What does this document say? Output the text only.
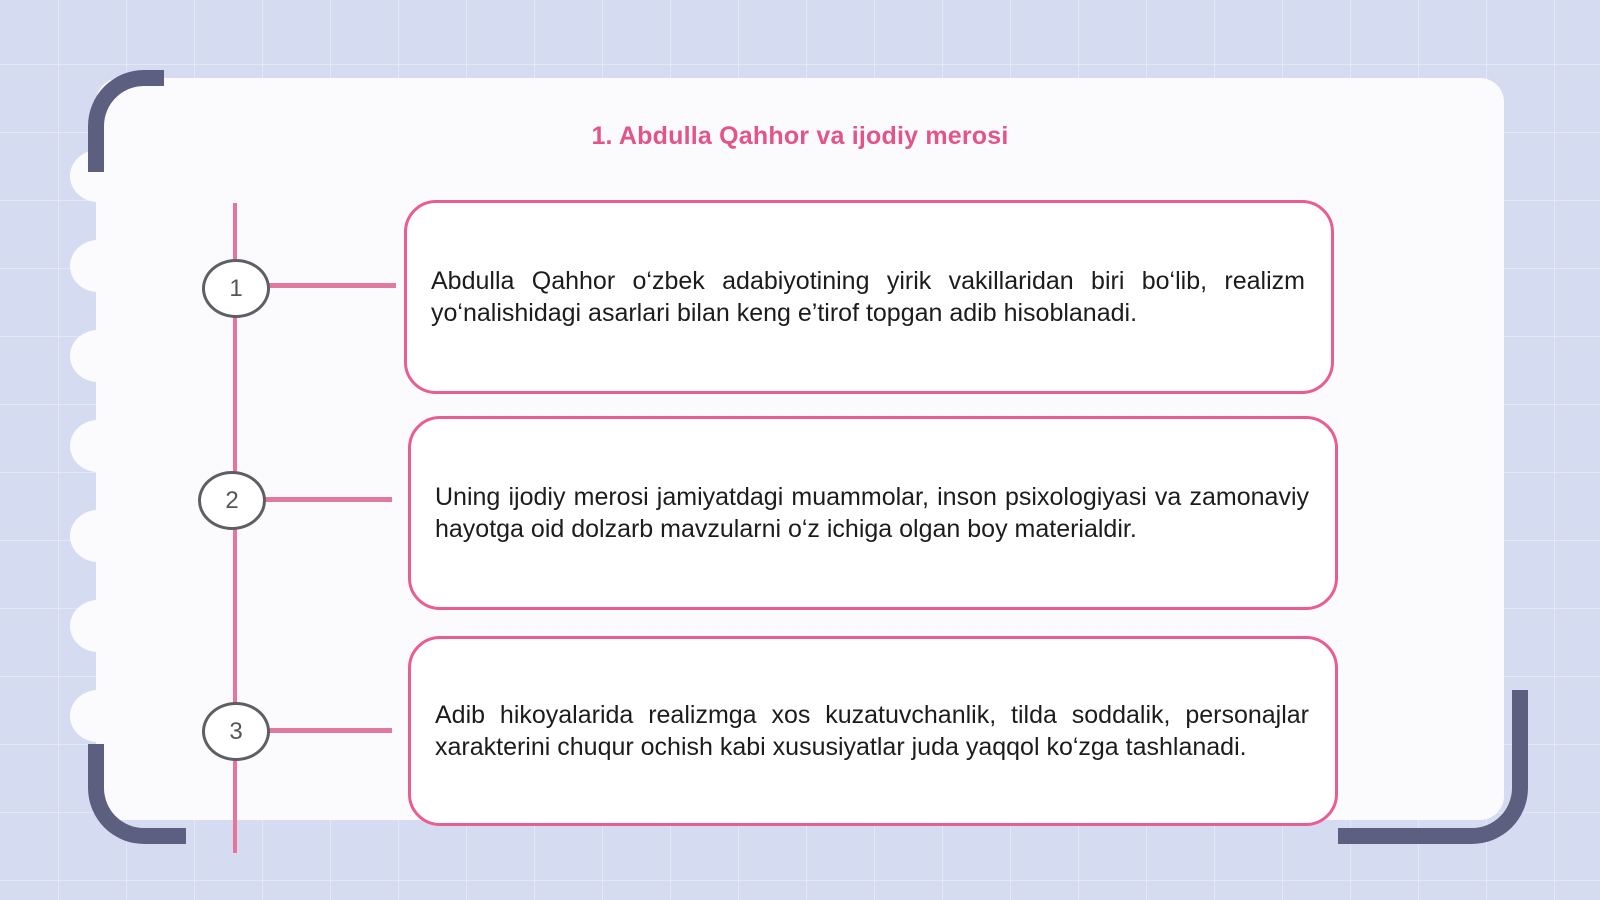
1. Abdulla Qahhor va ijodiy merosi
1	Abdulla Qahhor o‘zbek adabiyotining yirik vakillaridan biri bo‘lib, realizm yo‘nalishidagi asarlari bilan keng e’tirof topgan adib hisoblanadi.
2	Uning ijodiy merosi jamiyatdagi muammolar, inson psixologiyasi va zamonaviy hayotga oid dolzarb mavzularni o‘z ichiga olgan boy materialdir.
3
Adib hikoyalarida realizmga xos kuzatuvchanlik, tilda soddalik, personajlar xarakterini chuqur ochish kabi xususiyatlar juda yaqqol ko‘zga tashlanadi.
